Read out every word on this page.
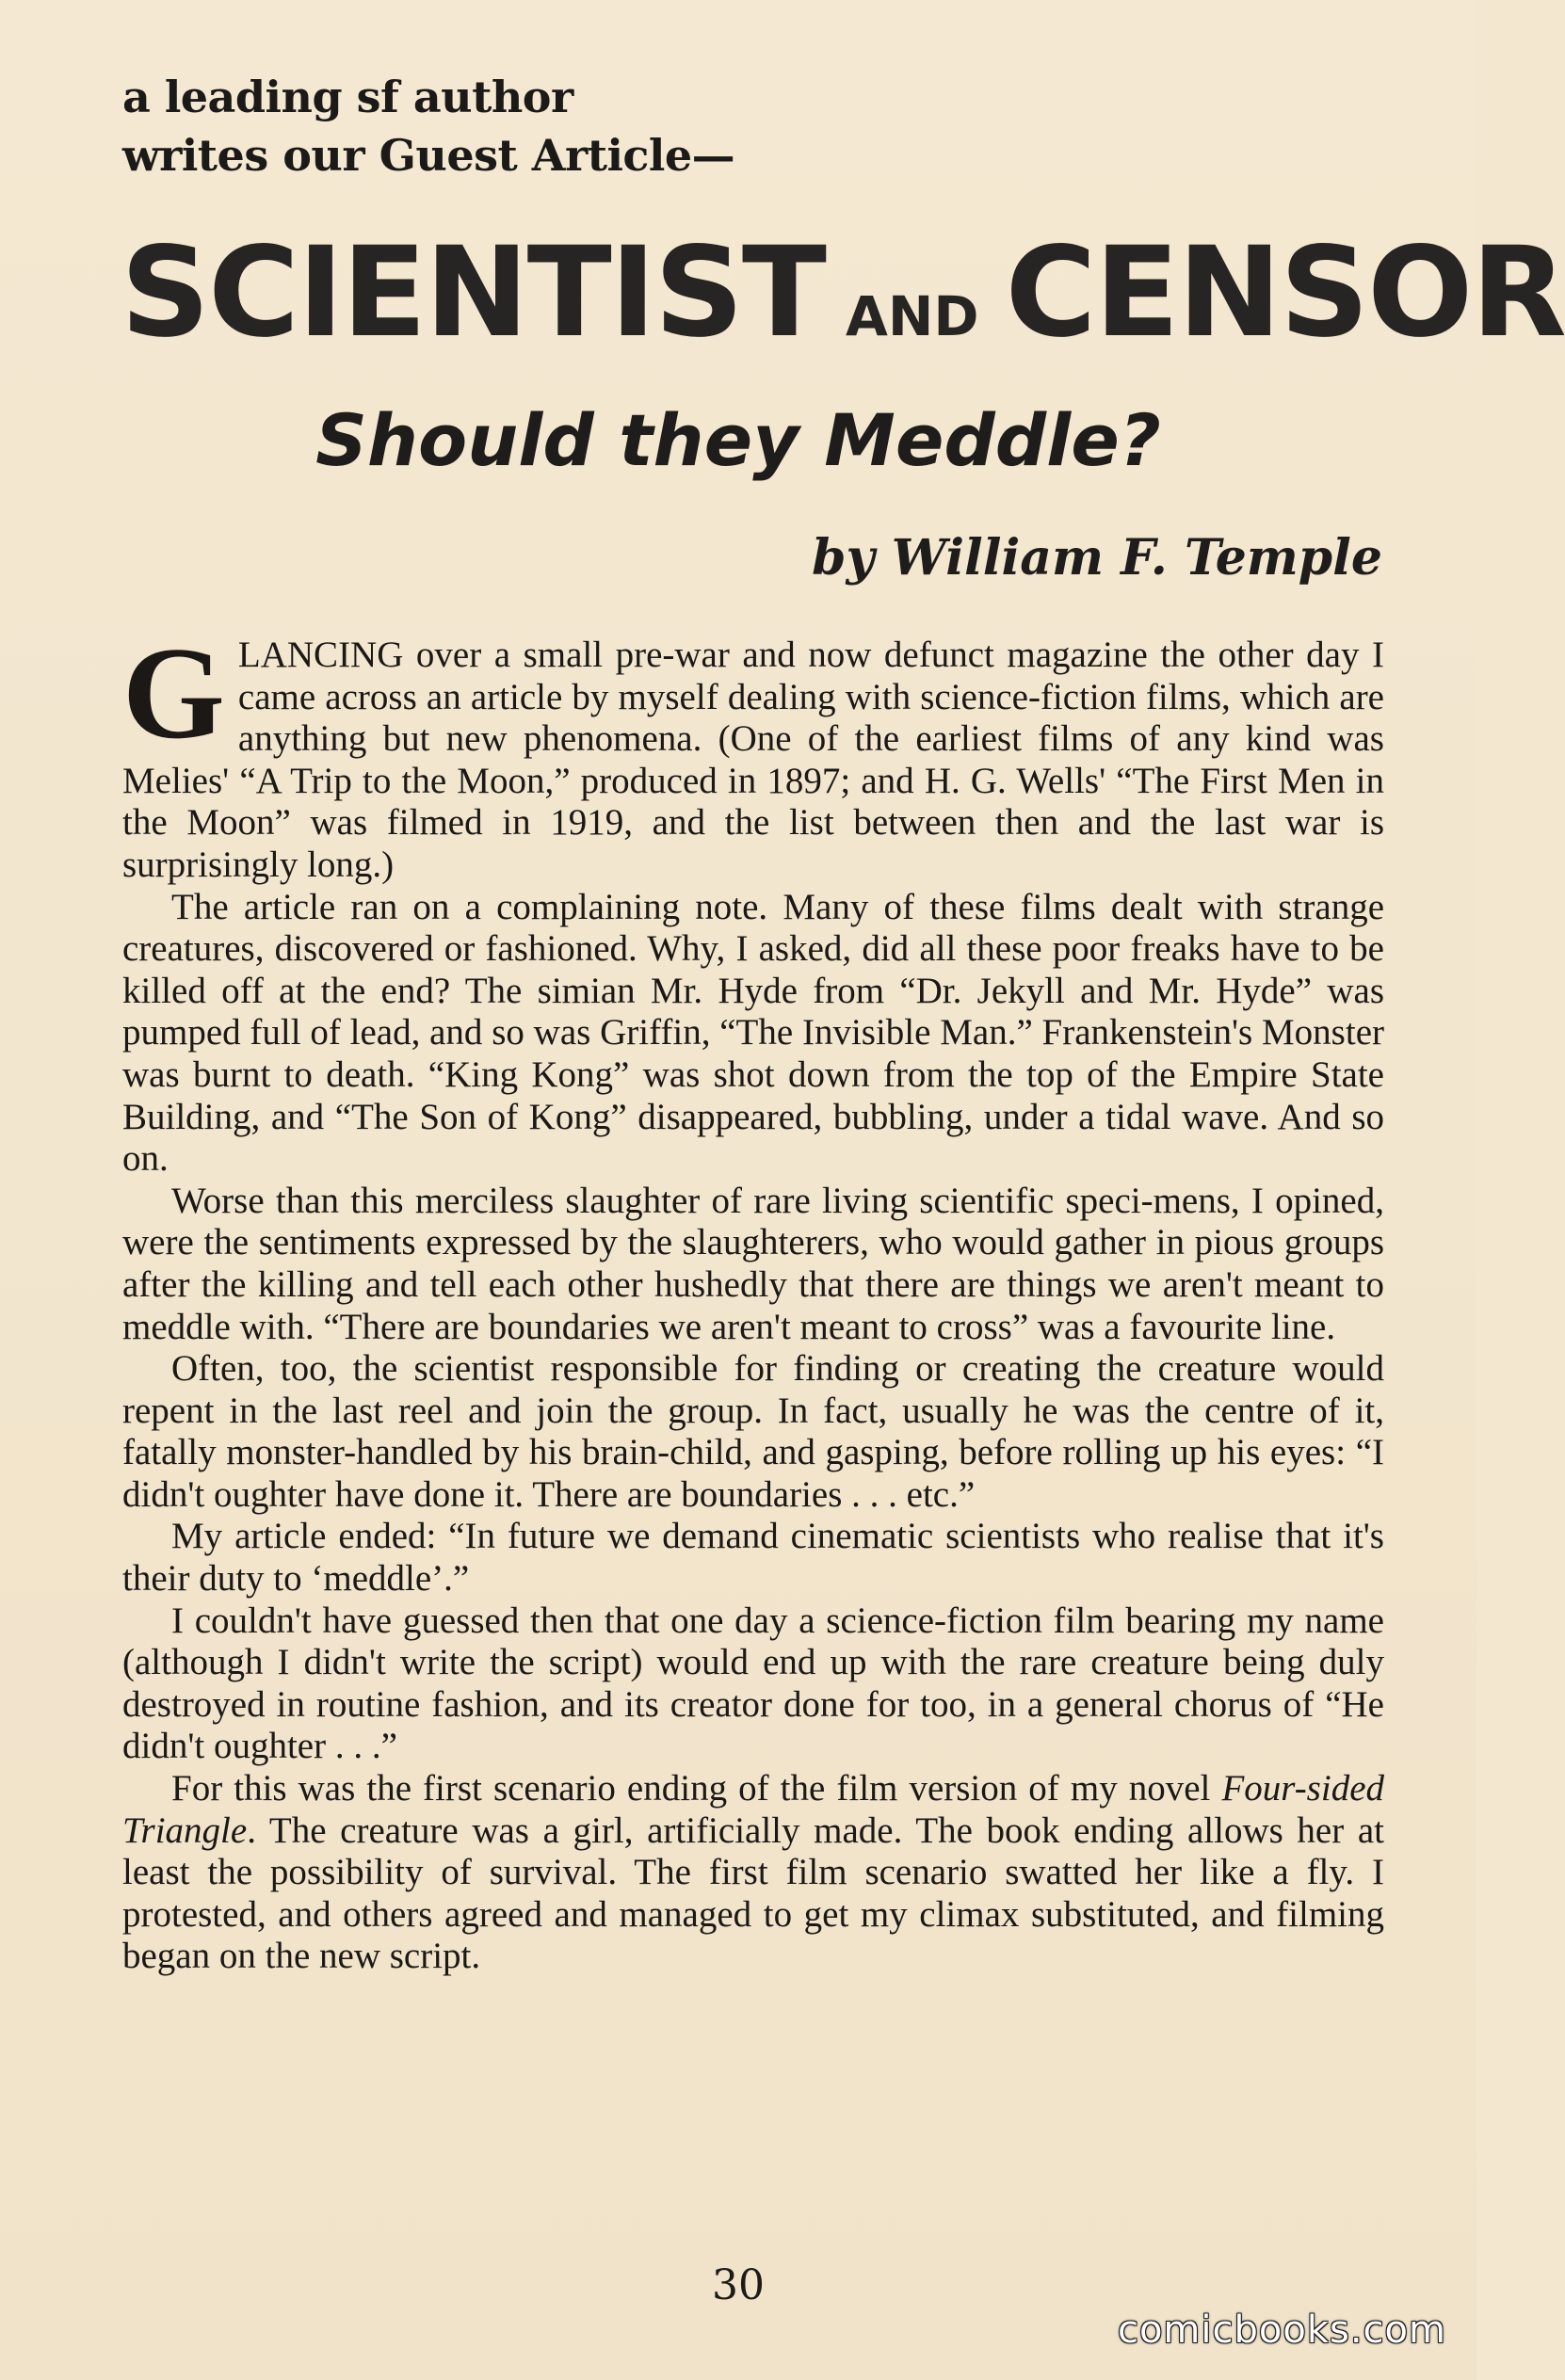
a leading sf author
writes our Guest Article—
SCIENTIST AND CENSOR
Should they Meddle?
by William F. Temple

GLANCING over a small pre-war and now defunct magazine the other day I came across an article by myself dealing with science-fiction films, which are anything but new phenomena. (One of the earliest films of any kind was Melies' “A Trip to the Moon,” produced in 1897; and H. G. Wells' “The First Men in the Moon” was filmed in 1919, and the list between then and the last war is surprisingly long.)

The article ran on a complaining note. Many of these films dealt with strange creatures, discovered or fashioned. Why, I asked, did all these poor freaks have to be killed off at the end? The simian Mr. Hyde from “Dr. Jekyll and Mr. Hyde” was pumped full of lead, and so was Griffin, “The Invisible Man.” Frankenstein's Monster was burnt to death. “King Kong” was shot down from the top of the Empire State Building, and “The Son of Kong” disappeared, bubbling, under a tidal wave. And so on.

Worse than this merciless slaughter of rare living scientific speci-mens, I opined, were the sentiments expressed by the slaughterers, who would gather in pious groups after the killing and tell each other hushedly that there are things we aren't meant to meddle with. “There are boundaries we aren't meant to cross” was a favourite line.

Often, too, the scientist responsible for finding or creating the creature would repent in the last reel and join the group. In fact, usually he was the centre of it, fatally monster-handled by his brain-child, and gasping, before rolling up his eyes: “I didn't oughter have done it. There are boundaries . . . etc.”

My article ended: “In future we demand cinematic scientists who realise that it's their duty to ‘meddle’.”

I couldn't have guessed then that one day a science-fiction film bearing my name (although I didn't write the script) would end up with the rare creature being duly destroyed in routine fashion, and its creator done for too, in a general chorus of “He didn't oughter . . .”

For this was the first scenario ending of the film version of my novel Four-sided Triangle. The creature was a girl, artificially made. The book ending allows her at least the possibility of survival. The first film scenario swatted her like a fly. I protested, and others agreed and managed to get my climax substituted, and filming began on the new script.

30
comicbooks.com
